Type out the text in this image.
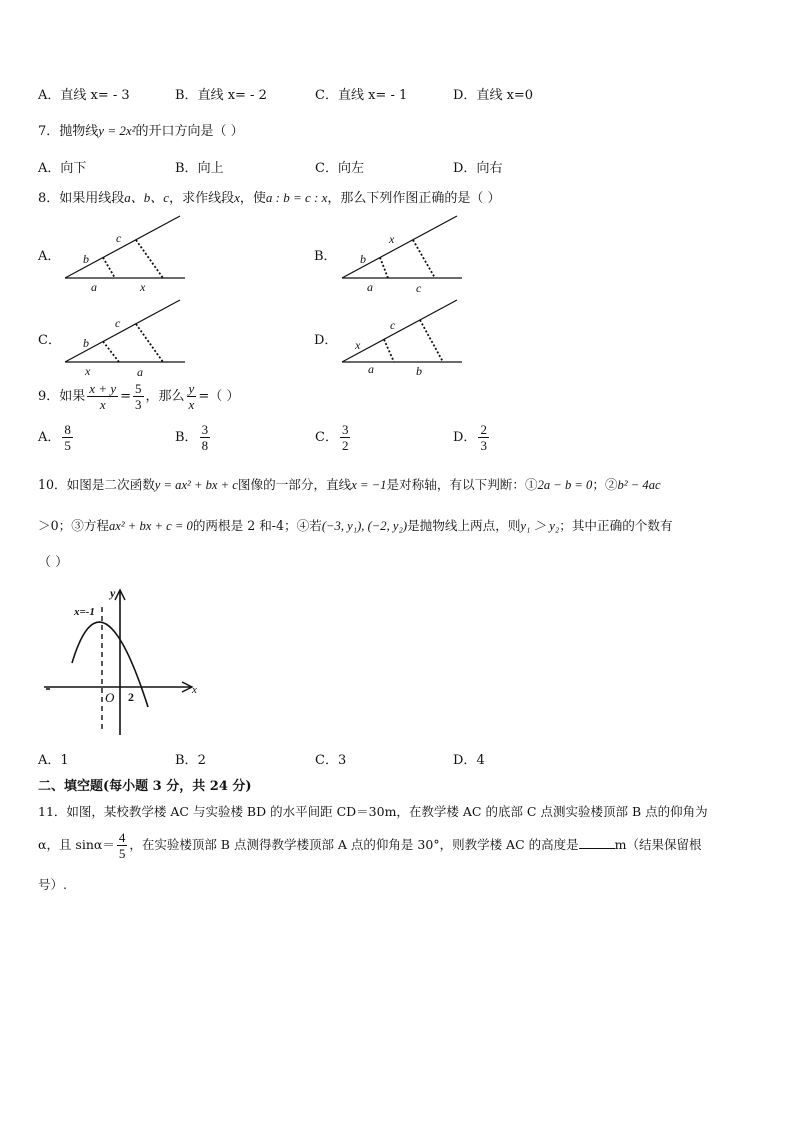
A．直线 x= - 3	B．直线 x= - 2	C．直线 x= - 1	D．直线 x=0
7．抛物线y = 2x²的开口方向是（ ）
A．向下	B．向上	C．向左	D．向右
8．如果用线段a、b、c，求作线段x，使a : b = c : x，那么下列作图正确的是（ ）
A． b
c
a	x
B． b
x
a	c
C． b
c
x	a
D． x
c
a	b
9．如果 $\frac{x + y}{x} = \frac{5}{3}$ ，那么 $\frac{y}{x}$ =（ ）
A． $\frac{8}{5}$	B． $\frac{3}{8}$	C． $\frac{3}{2}$	D． $\frac{2}{3}$
10．如图是二次函数y = ax² + bx + c图像的一部分，直线x = −1是对称轴，有以下判断：①2a − b = 0；②b² − 4ac
＞0；③方程ax² + bx + c = 0的两根是 2 和-4；④若(−3, y₁), (−2, y₂)是抛物线上两点，则y₁ ＞ y₂；其中正确的个数有
（ ）
x=-1
y
x
O 2
A．1	B．2	C．3	D．4
二、填空题(每小题 3 分，共 24 分)
11．如图，某校教学楼 AC 与实验楼 BD 的水平间距 CD＝30m，在教学楼 AC 的底部 C 点测实验楼顶部 B 点的仰角为
α，且 $\sin\alpha= \frac{4}{5}$ ，在实验楼顶部 B 点测得教学楼顶部 A 点的仰角是 30°，则教学楼 AC 的高度是	m（结果保留根
号）.
